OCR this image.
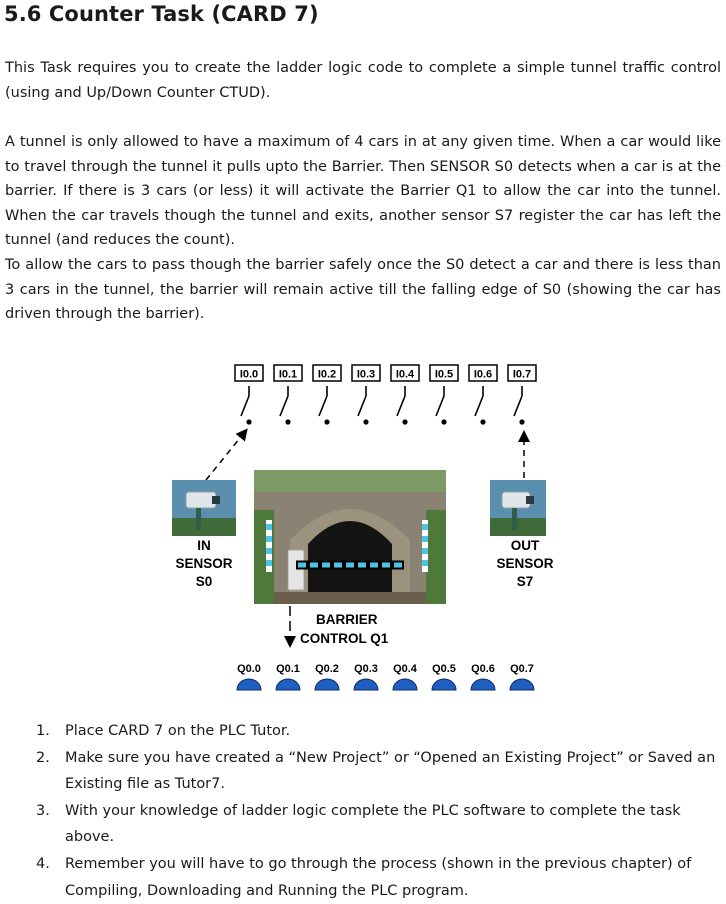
5.6 Counter Task (CARD 7)

This Task requires you to create the ladder logic code to complete a simple tunnel traffic control (using and Up/Down Counter CTUD).

A tunnel is only allowed to have a maximum of 4 cars in at any given time. When a car would like to travel through the tunnel it pulls upto the Barrier. Then SENSOR S0 detects when a car is at the barrier. If there is 3 cars (or less) it will activate the Barrier Q1 to allow the car into the tunnel. When the car travels though the tunnel and exits, another sensor S7 register the car has left the tunnel (and reduces the count).
To allow the cars to pass though the barrier safely once the S0 detect a car and there is less than 3 cars in the tunnel, the barrier will remain active till the falling edge of S0 (showing the car has driven through the barrier).
I0.0 I0.1 I0.2 I0.3 I0.4 I0.5 I0.6 I0.7
IN
SENSOR
S0
OUT
SENSOR
S7
BARRIER
CONTROL Q1
Q0.0 Q0.1 Q0.2 Q0.3 Q0.4 Q0.5 Q0.6 Q0.7
1. Place CARD 7 on the PLC Tutor.
2. Make sure you have created a “New Project” or “Opened an Existing Project” or Saved an Existing file as Tutor7.
3. With your knowledge of ladder logic complete the PLC software to complete the task above.
4. Remember you will have to go through the process (shown in the previous chapter) of Compiling, Downloading and Running the PLC program.
